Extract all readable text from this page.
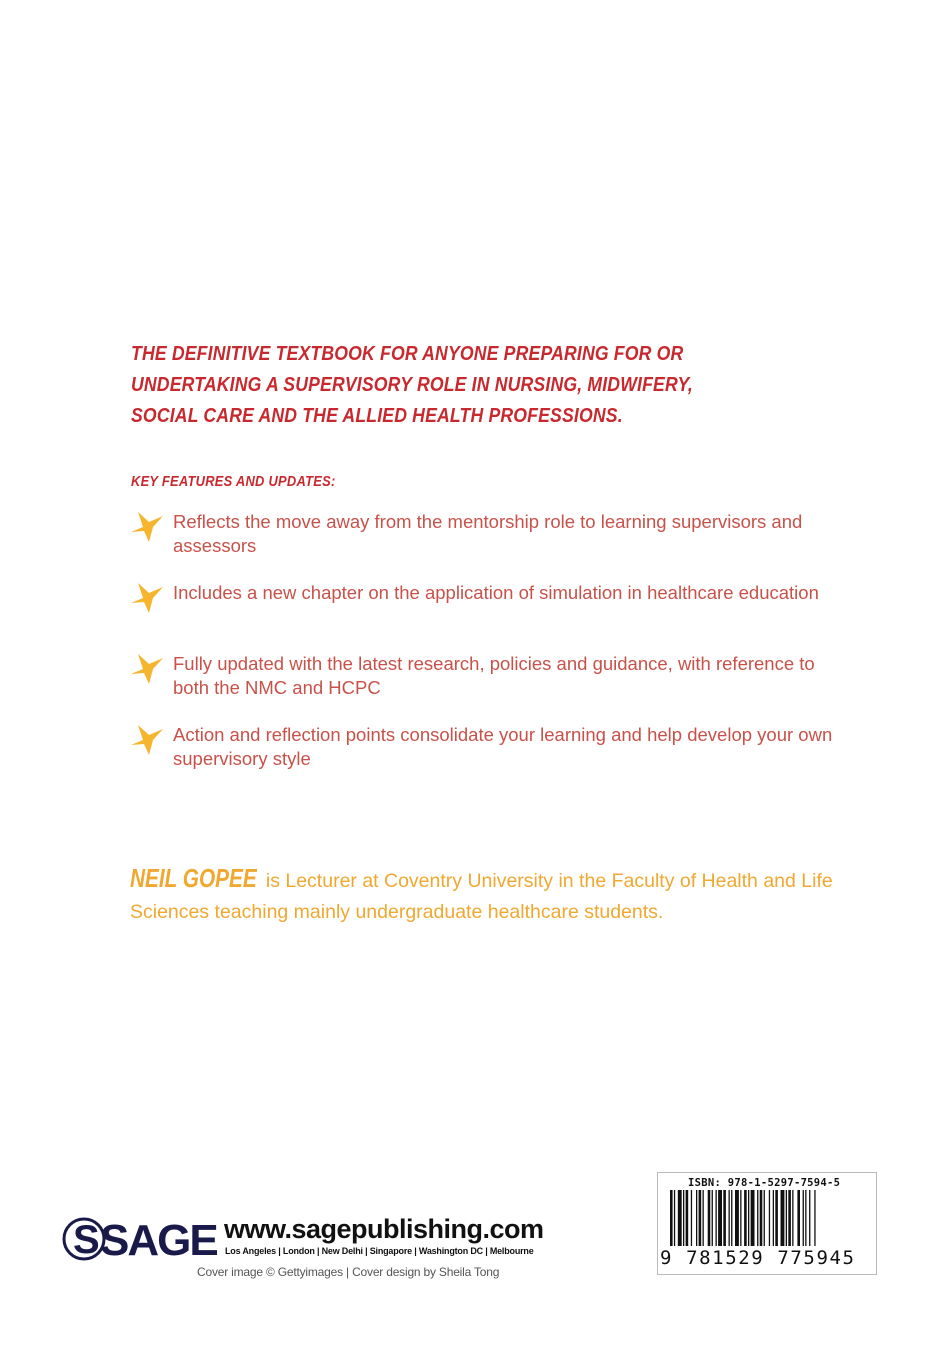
THE DEFINITIVE TEXTBOOK FOR ANYONE PREPARING FOR OR UNDERTAKING A SUPERVISORY ROLE IN NURSING, MIDWIFERY, SOCIAL CARE AND THE ALLIED HEALTH PROFESSIONS.
KEY FEATURES AND UPDATES:
Reflects the move away from the mentorship role to learning supervisors and assessors
Includes a new chapter on the application of simulation in healthcare education
Fully updated with the latest research, policies and guidance, with reference to both the NMC and HCPC
Action and reflection points consolidate your learning and help develop your own supervisory style

NEIL GOPEE is Lecturer at Coventry University in the Faculty of Health and Life Sciences teaching mainly undergraduate healthcare students.

S SAGE www.sagepublishing.com
Los Angeles | London | New Delhi | Singapore | Washington DC | Melbourne
Cover image © Gettyimages | Cover design by Sheila Tong
ISBN: 978-1-5297-7594-5
9 781529 775945
